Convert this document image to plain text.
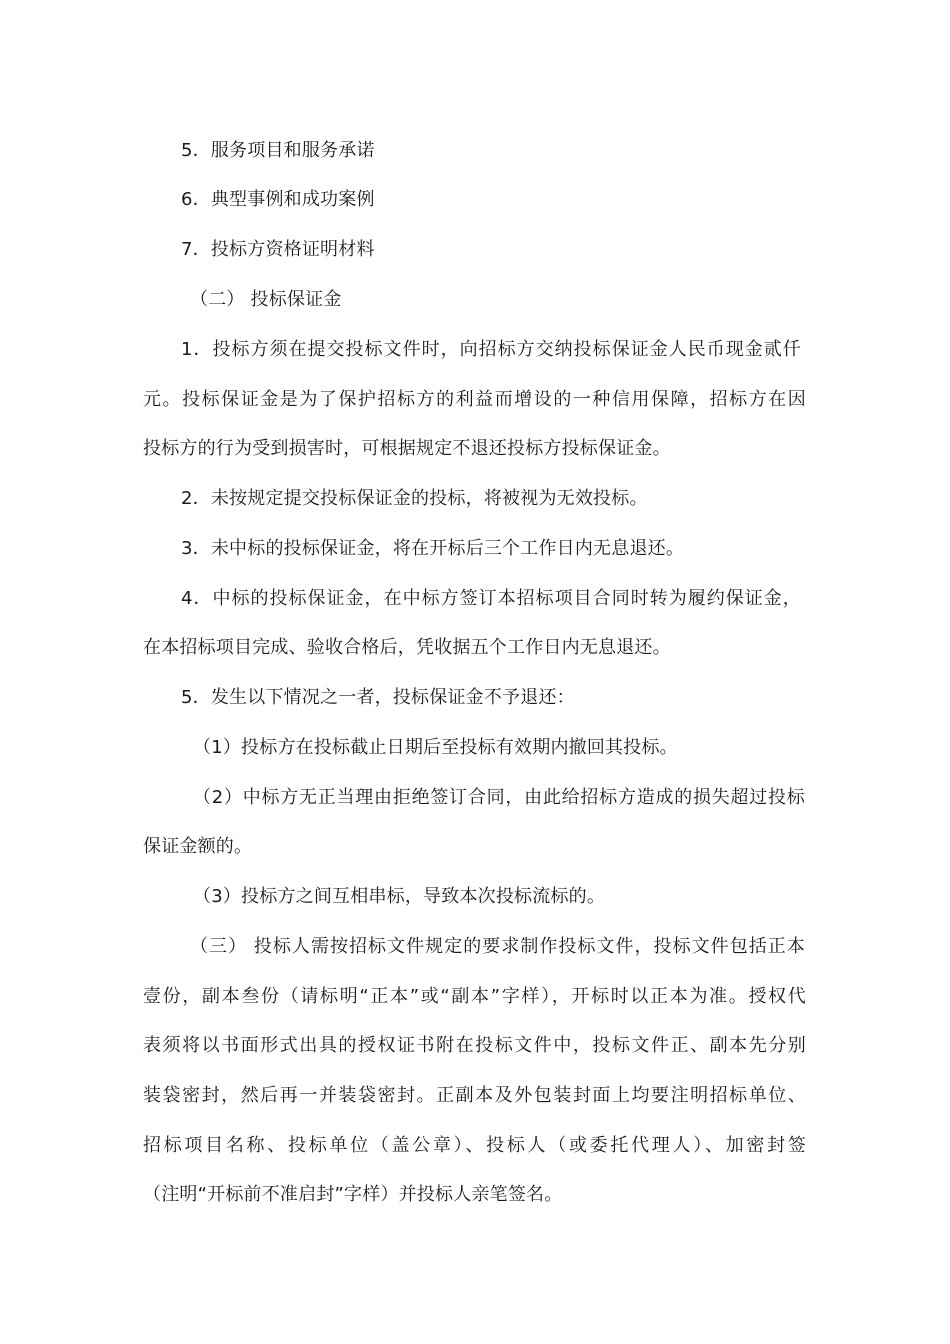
5．服务项目和服务承诺
6．典型事例和成功案例
7．投标方资格证明材料
（二） 投标保证金
1．投标方须在提交投标文件时，向招标方交纳投标保证金人民币现金贰仟
元。投标保证金是为了保护招标方的利益而增设的一种信用保障，招标方在因
投标方的行为受到损害时，可根据规定不退还投标方投标保证金。
2．未按规定提交投标保证金的投标，将被视为无效投标。
3．未中标的投标保证金，将在开标后三个工作日内无息退还。
4．中标的投标保证金，在中标方签订本招标项目合同时转为履约保证金，
在本招标项目完成、验收合格后，凭收据五个工作日内无息退还。
5．发生以下情况之一者，投标保证金不予退还：
（1）投标方在投标截止日期后至投标有效期内撤回其投标。
（2）中标方无正当理由拒绝签订合同，由此给招标方造成的损失超过投标
保证金额的。
（3）投标方之间互相串标，导致本次投标流标的。
（三） 投标人需按招标文件规定的要求制作投标文件，投标文件包括正本
壹份，副本叁份（请标明“正本”或“副本”字样），开标时以正本为准。授权代
表须将以书面形式出具的授权证书附在投标文件中，投标文件正、副本先分别
装袋密封，然后再一并装袋密封。正副本及外包装封面上均要注明招标单位、
招标项目名称、投标单位（盖公章）、投标人（或委托代理人）、加密封签
（注明“开标前不准启封”字样）并投标人亲笔签名。
